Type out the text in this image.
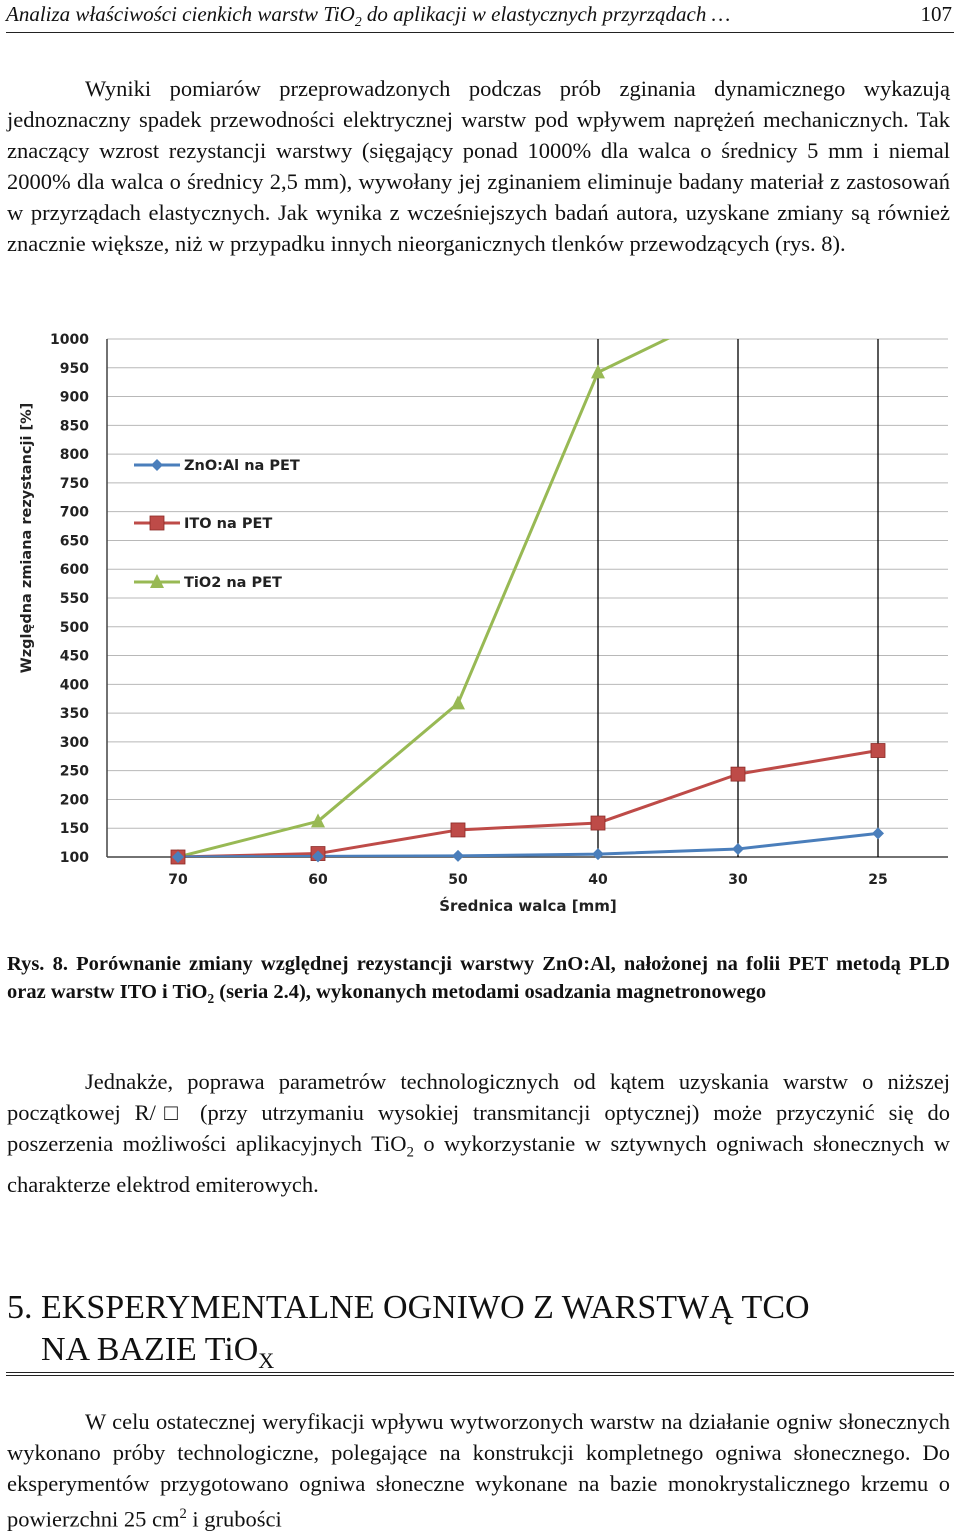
Analiza właściwości cienkich warstw TiO$_2$ do aplikacji w elastycznych przyrządach …	107

Wyniki pomiarów przeprowadzonych podczas prób zginania dynamicznego wykazują jednoznaczny spadek przewodności elektrycznej warstw pod wpływem naprężeń mechanicznych. Tak znaczący wzrost rezystancji warstwy (sięgający ponad 1000% dla walca o średnicy 5 mm i niemal 2000% dla walca o średnicy 2,5 mm), wywołany jej zginaniem eliminuje badany materiał z zastosowań w przyrządach elastycznych. Jak wynika z wcześniejszych badań autora, uzyskane zmiany są również znacznie większe, niż w przypadku innych nieorganicznych tlenków przewodzących (rys. 8).

100
150
200
250
300
350
400
450
500
550
600
650
700
750
800
850
900
950
1000
70	60	50	40	30	25
Średnica walca [mm]
Względna zmiana rezystancji [%]	ZnO:Al na PET
ITO na PET
TiO2 na PET

Rys. 8. Porównanie zmiany względnej rezystancji warstwy ZnO:Al, nałożonej na folii PET metodą PLD oraz warstw ITO i TiO$_2$ (seria 2.4), wykonanych metodami osadzania magnetronowego

Jednakże, poprawa parametrów technologicznych od kątem uzyskania warstw o niższej początkowej R/□ (przy utrzymaniu wysokiej transmitancji optycznej) może przyczynić się do poszerzenia możliwości aplikacyjnych TiO$_2$ o wykorzystanie w sztywnych ogniwach słonecznych w charakterze elektrod emiterowych.

5. EKSPERYMENTALNE OGNIWO Z WARSTWĄ TCO
NA BAZIE TiO$_X$

W celu ostatecznej weryfikacji wpływu wytworzonych warstw na działanie ogniw słonecznych wykonano próby technologiczne, polegające na konstrukcji kompletnego ogniwa słonecznego. Do eksperymentów przygotowano ogniwa słoneczne wykonane na bazie monokrystalicznego krzemu o powierzchni 25 $cm^2$ i grubości
